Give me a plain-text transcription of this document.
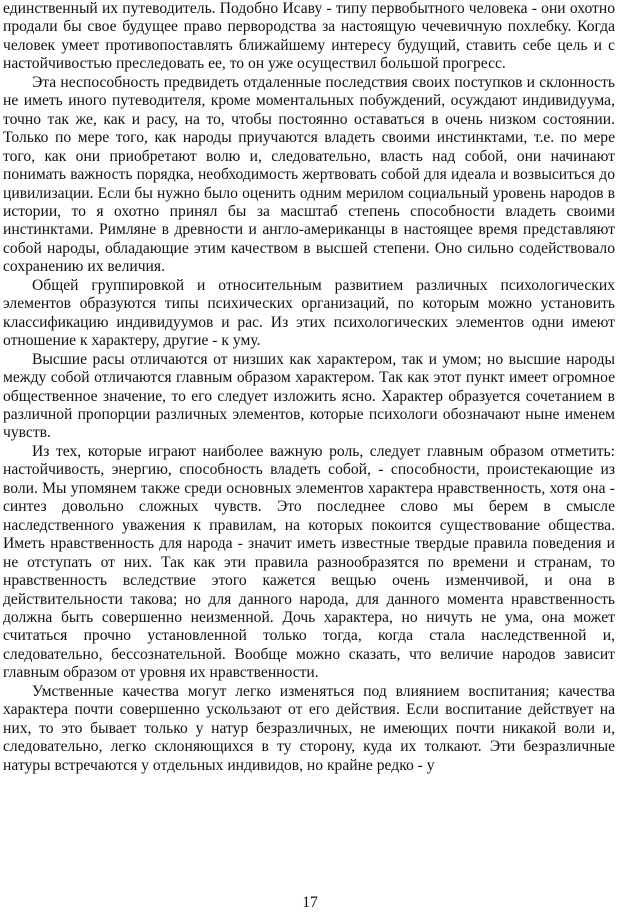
единственный их путеводитель. Подобно Исаву - типу первобытного человека - они охотно продали бы свое будущее право первородства за настоящую чечевичную похлебку. Когда человек умеет противопоставлять ближайшему интересу будущий, ставить себе цель и с настойчивостью преследовать ее, то он уже осуществил большой прогресс.

Эта неспособность предвидеть отдаленные последствия своих поступков и склонность не иметь иного путеводителя, кроме моментальных побуждений, осуждают индивидуума, точно так же, как и расу, на то, чтобы постоянно оставаться в очень низком состоянии. Только по мере того, как народы приучаются владеть своими инстинктами, т.е. по мере того, как они приобретают волю и, следовательно, власть над собой, они начинают понимать важность порядка, необходимость жертвовать собой для идеала и возвыситься до цивилизации. Если бы нужно было оценить одним мерилом социальный уровень народов в истории, то я охотно принял бы за масштаб степень способности владеть своими инстинктами. Римляне в древности и англо-американцы в настоящее время представляют собой народы, обладающие этим качеством в высшей степени. Оно сильно содействовало сохранению их величия.

Общей группировкой и относительным развитием различных психологических элементов образуются типы психических организаций, по которым можно установить классификацию индивидуумов и рас. Из этих психологических элементов одни имеют отношение к характеру, другие - к уму.

Высшие расы отличаются от низших как характером, так и умом; но высшие народы между собой отличаются главным образом характером. Так как этот пункт имеет огромное общественное значение, то его следует изложить ясно. Характер образуется сочетанием в различной пропорции различных элементов, которые психологи обозначают ныне именем чувств.

Из тех, которые играют наиболее важную роль, следует главным образом отметить: настойчивость, энергию, способность владеть собой, - способности, проистекающие из воли. Мы упомянем также среди основных элементов характера нравственность, хотя она - синтез довольно сложных чувств. Это последнее слово мы берем в смысле наследственного уважения к правилам, на которых покоится существование общества. Иметь нравственность для народа - значит иметь известные твердые правила поведения и не отступать от них. Так как эти правила разнообразятся по времени и странам, то нравственность вследствие этого кажется вещью очень изменчивой, и она в действительности такова; но для данного народа, для данного момента нравственность должна быть совершенно неизменной. Дочь характера, но ничуть не ума, она может считаться прочно установленной только тогда, когда стала наследственной и, следовательно, бессознательной. Вообще можно сказать, что величие народов зависит главным образом от уровня их нравственности.

Умственные качества могут легко изменяться под влиянием воспитания; качества характера почти совершенно ускользают от его действия. Если воспитание действует на них, то это бывает только у натур безразличных, не имеющих почти никакой воли и, следовательно, легко склоняющихся в ту сторону, куда их толкают. Эти безразличные натуры встречаются у отдельных индивидов, но крайне редко - у

17
